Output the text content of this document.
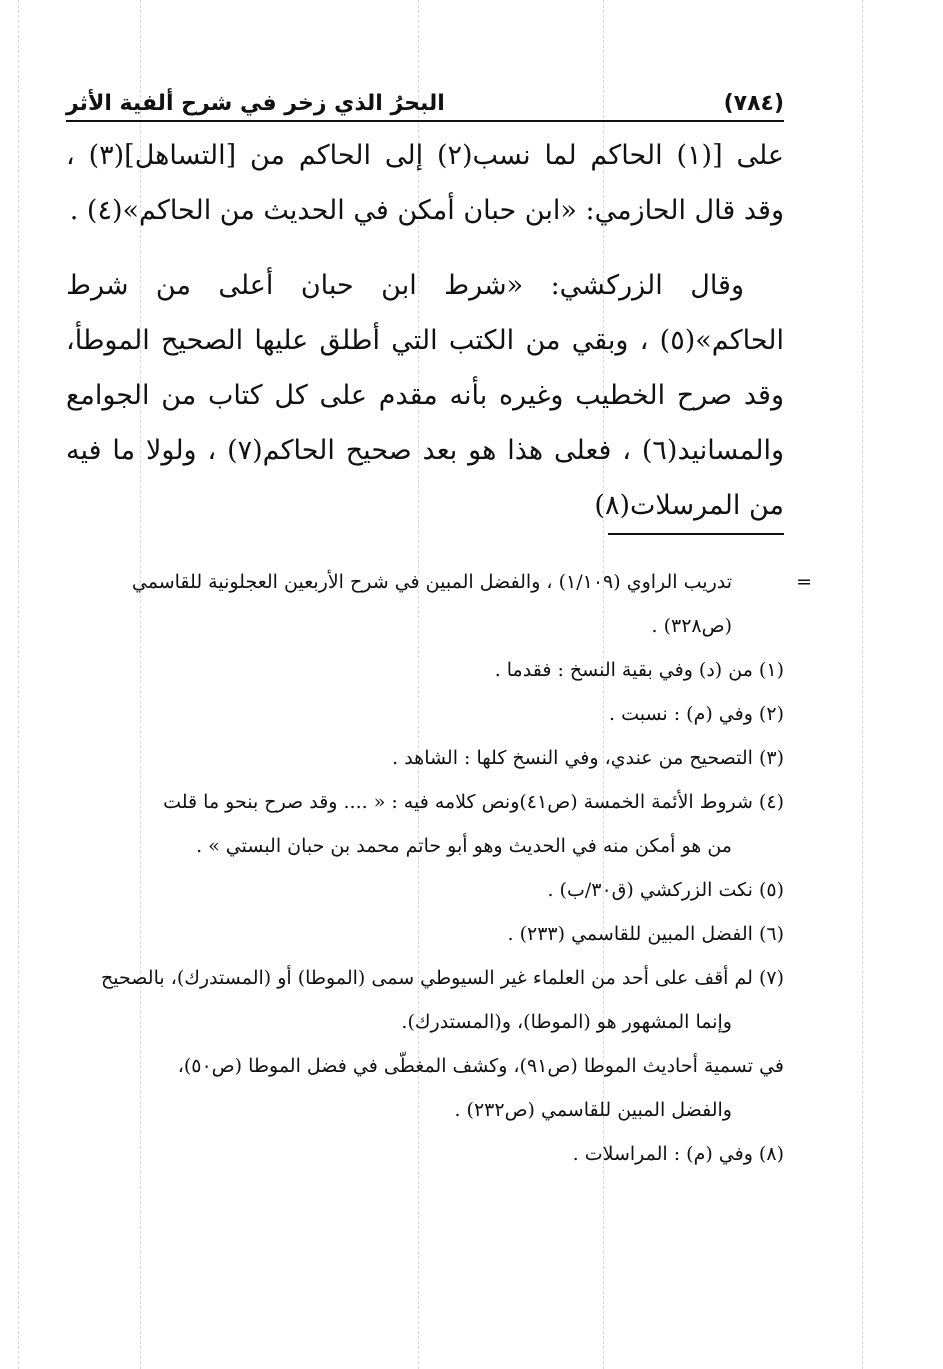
(٧٨٤)
البحرُ الذي زخر في شرح ألفية الأثر

على [(١) الحاكم لما نسب(٢) إلى الحاكم من [التساهل](٣) ، وقد قال الحازمي: «ابن حبان أمكن في الحديث من الحاكم»(٤) .

وقال الزركشي: «شرط ابن حبان أعلى من شرط الحاكم»(٥) ، وبقي من الكتب التي أطلق عليها الصحيح الموطأ، وقد صرح الخطيب وغيره بأنه مقدم على كل كتاب من الجوامع والمسانيد(٦) ، فعلى هذا هو بعد صحيح الحاكم(٧) ، ولولا ما فيه من المرسلات(٨)

=
تدريب الراوي (١/١٠٩) ، والفضل المبين في شرح الأربعين العجلونية للقاسمي

(ص٣٢٨) .

(١) من (د) وفي بقية النسخ : فقدما .

(٢) وفي (م) : نسبت .

(٣) التصحيح من عندي، وفي النسخ كلها : الشاهد .

(٤) شروط الأئمة الخمسة (ص٤١)ونص كلامه فيه : « .... وقد صرح بنحو ما قلت

من هو أمكن منه في الحديث وهو أبو حاتم محمد بن حبان البستي » .

(٥) نكت الزركشي (ق٣٠/ب) .

(٦) الفضل المبين للقاسمي (٢٣٣) .

(٧) لم أقف على أحد من العلماء غير السيوطي سمى (الموطا) أو (المستدرك)، بالصحيح

وإنما المشهور هو (الموطا)، و(المستدرك).

في تسمية أحاديث الموطا (ص٩١)، وكشف المغطّى في فضل الموطا (ص٥٠)،

والفضل المبين للقاسمي (ص٢٣٢) .

(٨) وفي (م) : المراسلات .
